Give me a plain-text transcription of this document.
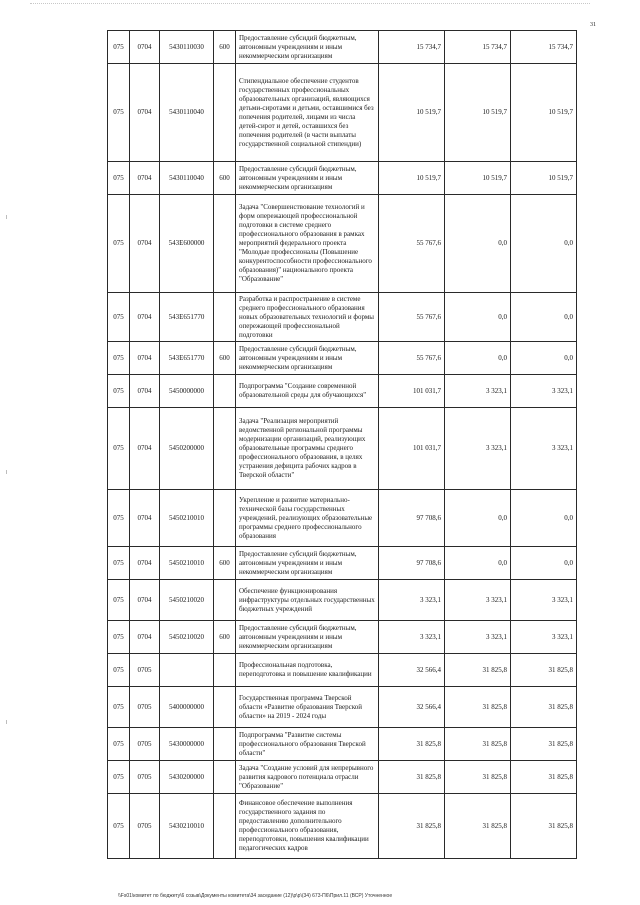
31
075	0704	5430110030	600	Предоставление субсидий бюджетным, автономным учреждениям и иным некоммерческим организациям	15 734,7	15 734,7	15 734,7
075	0704	5430110040		Стипендиальное обеспечение студентов государственных профессиональных образовательных организаций, являющихся детьми-сиротами и детьми, оставшимися без попечения родителей, лицами из числа детей-сирот и детей, оставшихся без попечения родителей (в части выплаты государственной социальной стипендии)	10 519,7	10 519,7	10 519,7
075	0704	5430110040	600	Предоставление субсидий бюджетным, автономным учреждениям и иным некоммерческим организациям	10 519,7	10 519,7	10 519,7
075	0704	543Е600000		Задача "Совершенствование технологий и форм опережающей профессиональной подготовки в системе среднего профессионального образования в рамках мероприятий федерального проекта "Молодые профессионалы (Повышение конкурентоспособности профессионального образования)" национального проекта "Образование"	55 767,6	0,0	0,0
075	0704	543Е651770		Разработка и распространение в системе среднего профессионального образования новых образовательных технологий и формы опережающей профессиональной подготовки	55 767,6	0,0	0,0
075	0704	543Е651770	600	Предоставление субсидий бюджетным, автономным учреждениям и иным некоммерческим организациям	55 767,6	0,0	0,0
075	0704	5450000000		Подпрограмма "Создание современной образовательной среды для обучающихся"	101 031,7	3 323,1	3 323,1
075	0704	5450200000		Задача "Реализация мероприятий ведомственной региональной программы модернизации организаций, реализующих образовательные программы среднего профессионального образования, в целях устранения дефицита рабочих кадров в Тверской области"	101 031,7	3 323,1	3 323,1
075	0704	5450210010		Укрепление и развитие материально-технической базы государственных учреждений, реализующих образовательные программы среднего профессионального образования	97 708,6	0,0	0,0
075	0704	5450210010	600	Предоставление субсидий бюджетным, автономным учреждениям и иным некоммерческим организациям	97 708,6	0,0	0,0
075	0704	5450210020		Обеспечение функционирования инфраструктуры отдельных государственных бюджетных учреждений	3 323,1	3 323,1	3 323,1
075	0704	5450210020	600	Предоставление субсидий бюджетным, автономным учреждениям и иным некоммерческим организациям	3 323,1	3 323,1	3 323,1
075	0705			Профессиональная подготовка, переподготовка и повышение квалификации	32 566,4	31 825,8	31 825,8
075	0705	5400000000		Государственная программа Тверской области «Развитие образования Тверской области» на 2019 - 2024 годы	32 566,4	31 825,8	31 825,8
075	0705	5430000000		Подпрограмма "Развитие системы профессионального образования Тверской области"	31 825,8	31 825,8	31 825,8
075	0705	5430200000		Задача "Создание условий для непрерывного развития кадрового потенциала отрасли "Образование"	31 825,8	31 825,8	31 825,8
075	0705	5430210010		Финансовое обеспечение выполнения государственного задания по предоставлению дополнительного профессионального образования, переподготовки, повышения квалификации педагогических кадров	31 825,8	31 825,8	31 825,8
\\Fs01\комитет по бюджету\6 созыв\Документы комитета\34 заседание (12)\р\р\(34) 673-П6\Прил.11 (ВСР) Уточненное
